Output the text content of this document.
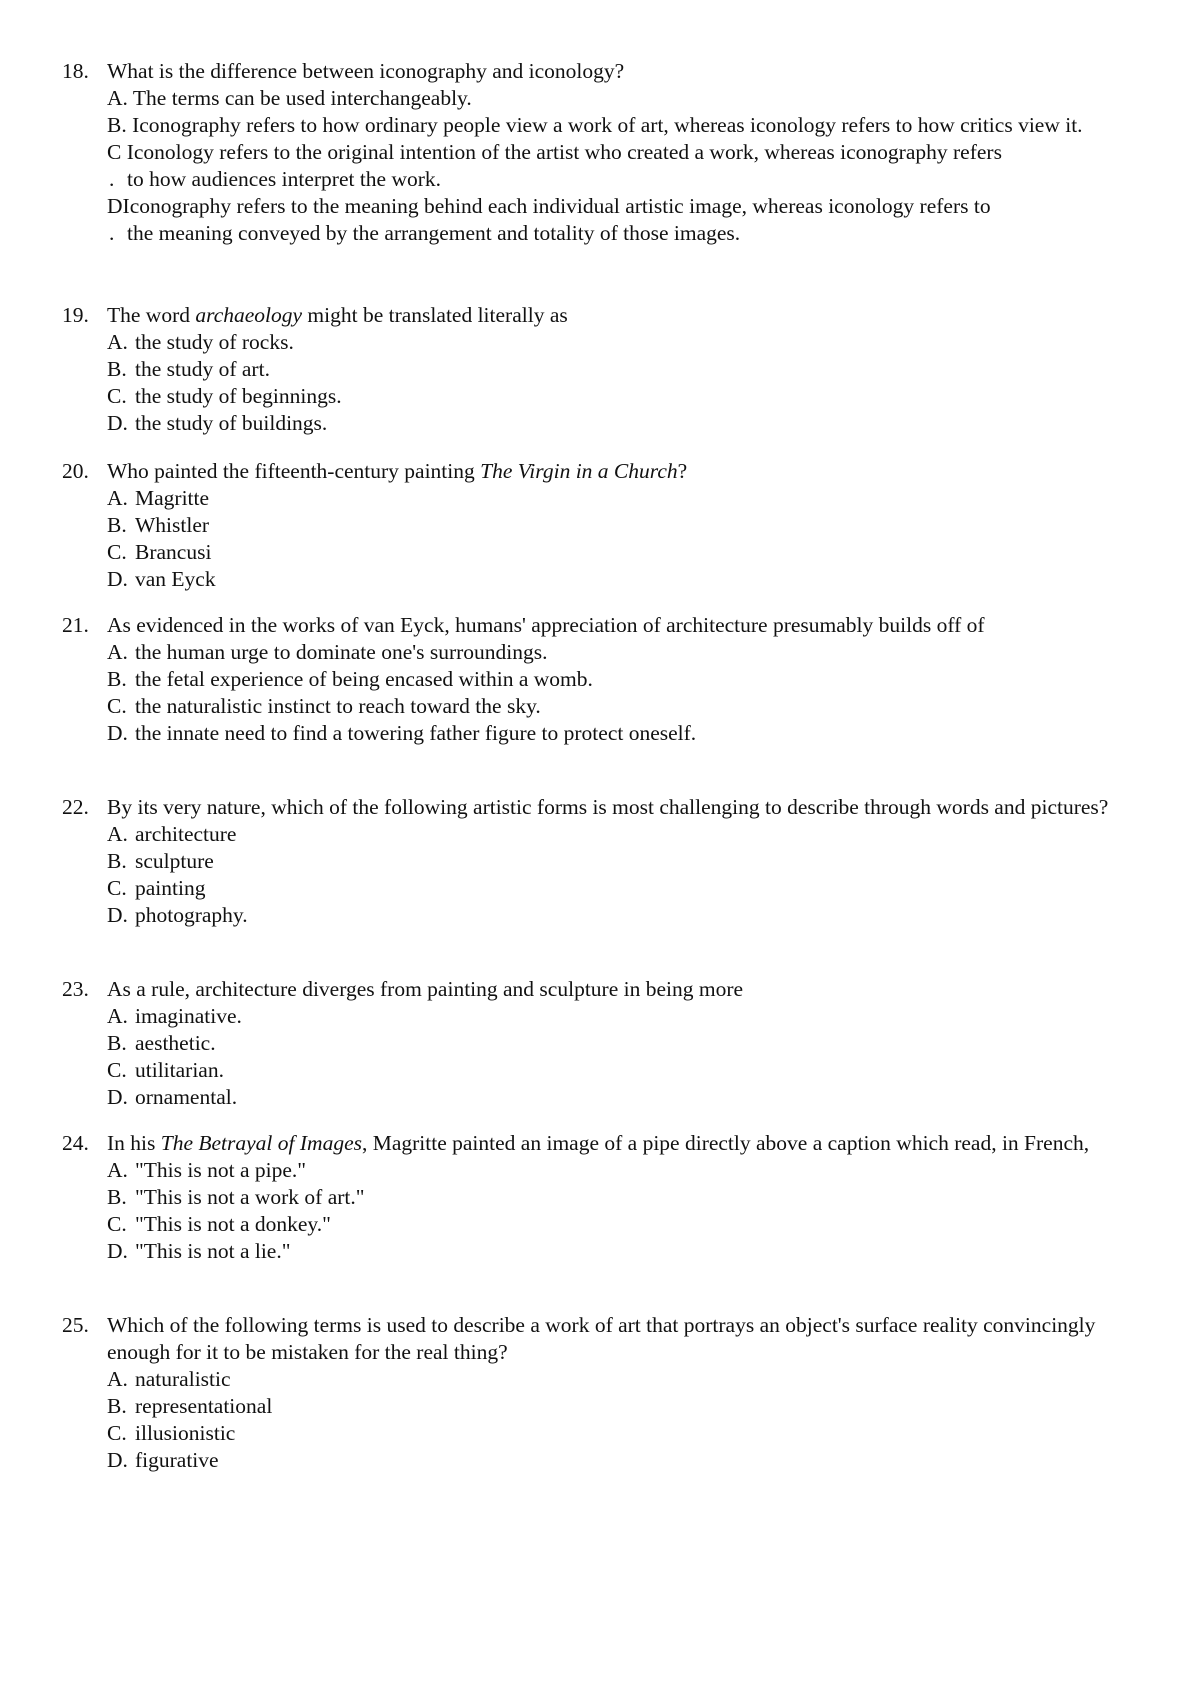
18. What is the difference between iconography and iconology?
A. The terms can be used interchangeably.
B. Iconography refers to how ordinary people view a work of art, whereas iconology refers to how critics view it.
C Iconology refers to the original intention of the artist who created a work, whereas iconography refers
. to how audiences interpret the work.
DIconography refers to the meaning behind each individual artistic image, whereas iconology refers to
. the meaning conveyed by the arrangement and totality of those images.
19. The word archaeology might be translated literally as
A. the study of rocks.
B. the study of art.
C. the study of beginnings.
D. the study of buildings.
20. Who painted the fifteenth-century painting The Virgin in a Church?
A. Magritte
B. Whistler
C. Brancusi
D. van Eyck
21. As evidenced in the works of van Eyck, humans' appreciation of architecture presumably builds off of
A. the human urge to dominate one's surroundings.
B. the fetal experience of being encased within a womb.
C. the naturalistic instinct to reach toward the sky.
D. the innate need to find a towering father figure to protect oneself.
22. By its very nature, which of the following artistic forms is most challenging to describe through words and pictures?
A. architecture
B. sculpture
C. painting
D. photography.
23. As a rule, architecture diverges from painting and sculpture in being more
A. imaginative.
B. aesthetic.
C. utilitarian.
D. ornamental.
24. In his The Betrayal of Images, Magritte painted an image of a pipe directly above a caption which read, in French,
A. "This is not a pipe."
B. "This is not a work of art."
C. "This is not a donkey."
D. "This is not a lie."
25. Which of the following terms is used to describe a work of art that portrays an object's surface reality convincingly enough for it to be mistaken for the real thing?
A. naturalistic
B. representational
C. illusionistic
D. figurative
